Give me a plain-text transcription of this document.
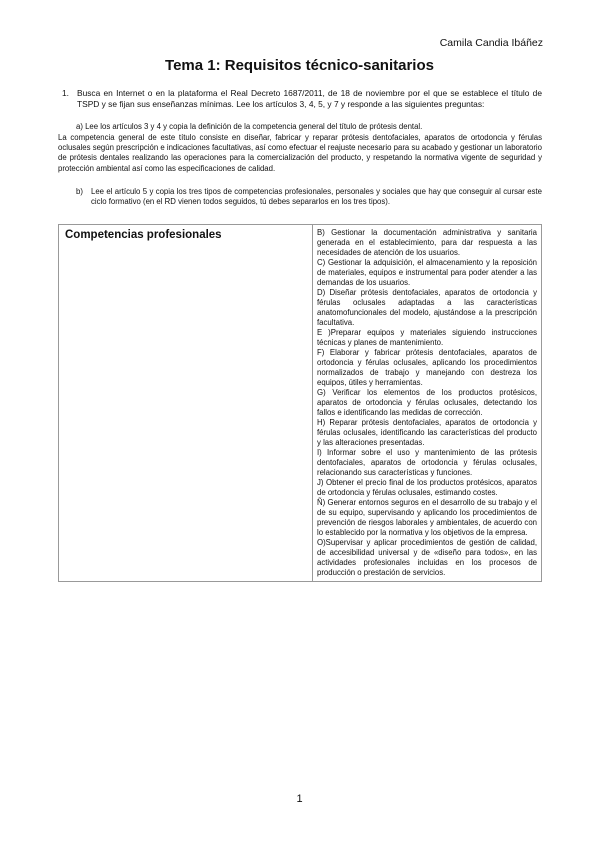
Camila Candia Ibáñez
Tema 1: Requisitos técnico-sanitarios
1. Busca en Internet o en la plataforma el Real Decreto 1687/2011, de 18 de noviembre por el que se establece el título de TSPD y se fijan sus enseñanzas mínimas. Lee los artículos 3, 4, 5, y 7 y responde a las siguientes preguntas:
a) Lee los artículos 3 y 4 y copia la definición de la competencia general del título de prótesis dental.
La competencia general de este título consiste en diseñar, fabricar y reparar prótesis dentofaciales, aparatos de ortodoncia y férulas oclusales según prescripción e indicaciones facultativas, así como efectuar el reajuste necesario para su acabado y gestionar un laboratorio de prótesis dentales realizando las operaciones para la comercialización del producto, y respetando la normativa vigente de seguridad y protección ambiental así como las especificaciones de calidad.
b) Lee el artículo 5 y copia los tres tipos de competencias profesionales, personales y sociales que hay que conseguir al cursar este ciclo formativo (en el RD vienen todos seguidos, tú debes separarlos en los tres tipos).
Competencias profesionales	B) Gestionar la documentación administrativa y sanitaria generada en el establecimiento, para dar respuesta a las necesidades de atención de los usuarios.

C) Gestionar la adquisición, el almacenamiento y la reposición de materiales, equipos e instrumental para poder atender a las demandas de los usuarios.

D) Diseñar prótesis dentofaciales, aparatos de ortodoncia y férulas oclusales adaptadas a las características anatomofuncionales del modelo, ajustándose a la prescripción facultativa.

E )Preparar equipos y materiales siguiendo instrucciones técnicas y planes de mantenimiento.

F) Elaborar y fabricar prótesis dentofaciales, aparatos de ortodoncia y férulas oclusales, aplicando los procedimientos normalizados de trabajo y manejando con destreza los equipos, útiles y herramientas.

G) Verificar los elementos de los productos protésicos, aparatos de ortodoncia y férulas oclusales, detectando los fallos e identificando las medidas de corrección.

H) Reparar prótesis dentofaciales, aparatos de ortodoncia y férulas oclusales, identificando las características del producto y las alteraciones presentadas.

I) Informar sobre el uso y mantenimiento de las prótesis dentofaciales, aparatos de ortodoncia y férulas oclusales, relacionando sus características y funciones.

J) Obtener el precio final de los productos protésicos, aparatos de ortodoncia y férulas oclusales, estimando costes.

Ñ) Generar entornos seguros en el desarrollo de su trabajo y el de su equipo, supervisando y aplicando los procedimientos de prevención de riesgos laborales y ambientales, de acuerdo con lo establecido por la normativa y los objetivos de la empresa.

O)Supervisar y aplicar procedimientos de gestión de calidad, de accesibilidad universal y de «diseño para todos», en las actividades profesionales incluidas en los procesos de producción o prestación de servicios.

1
